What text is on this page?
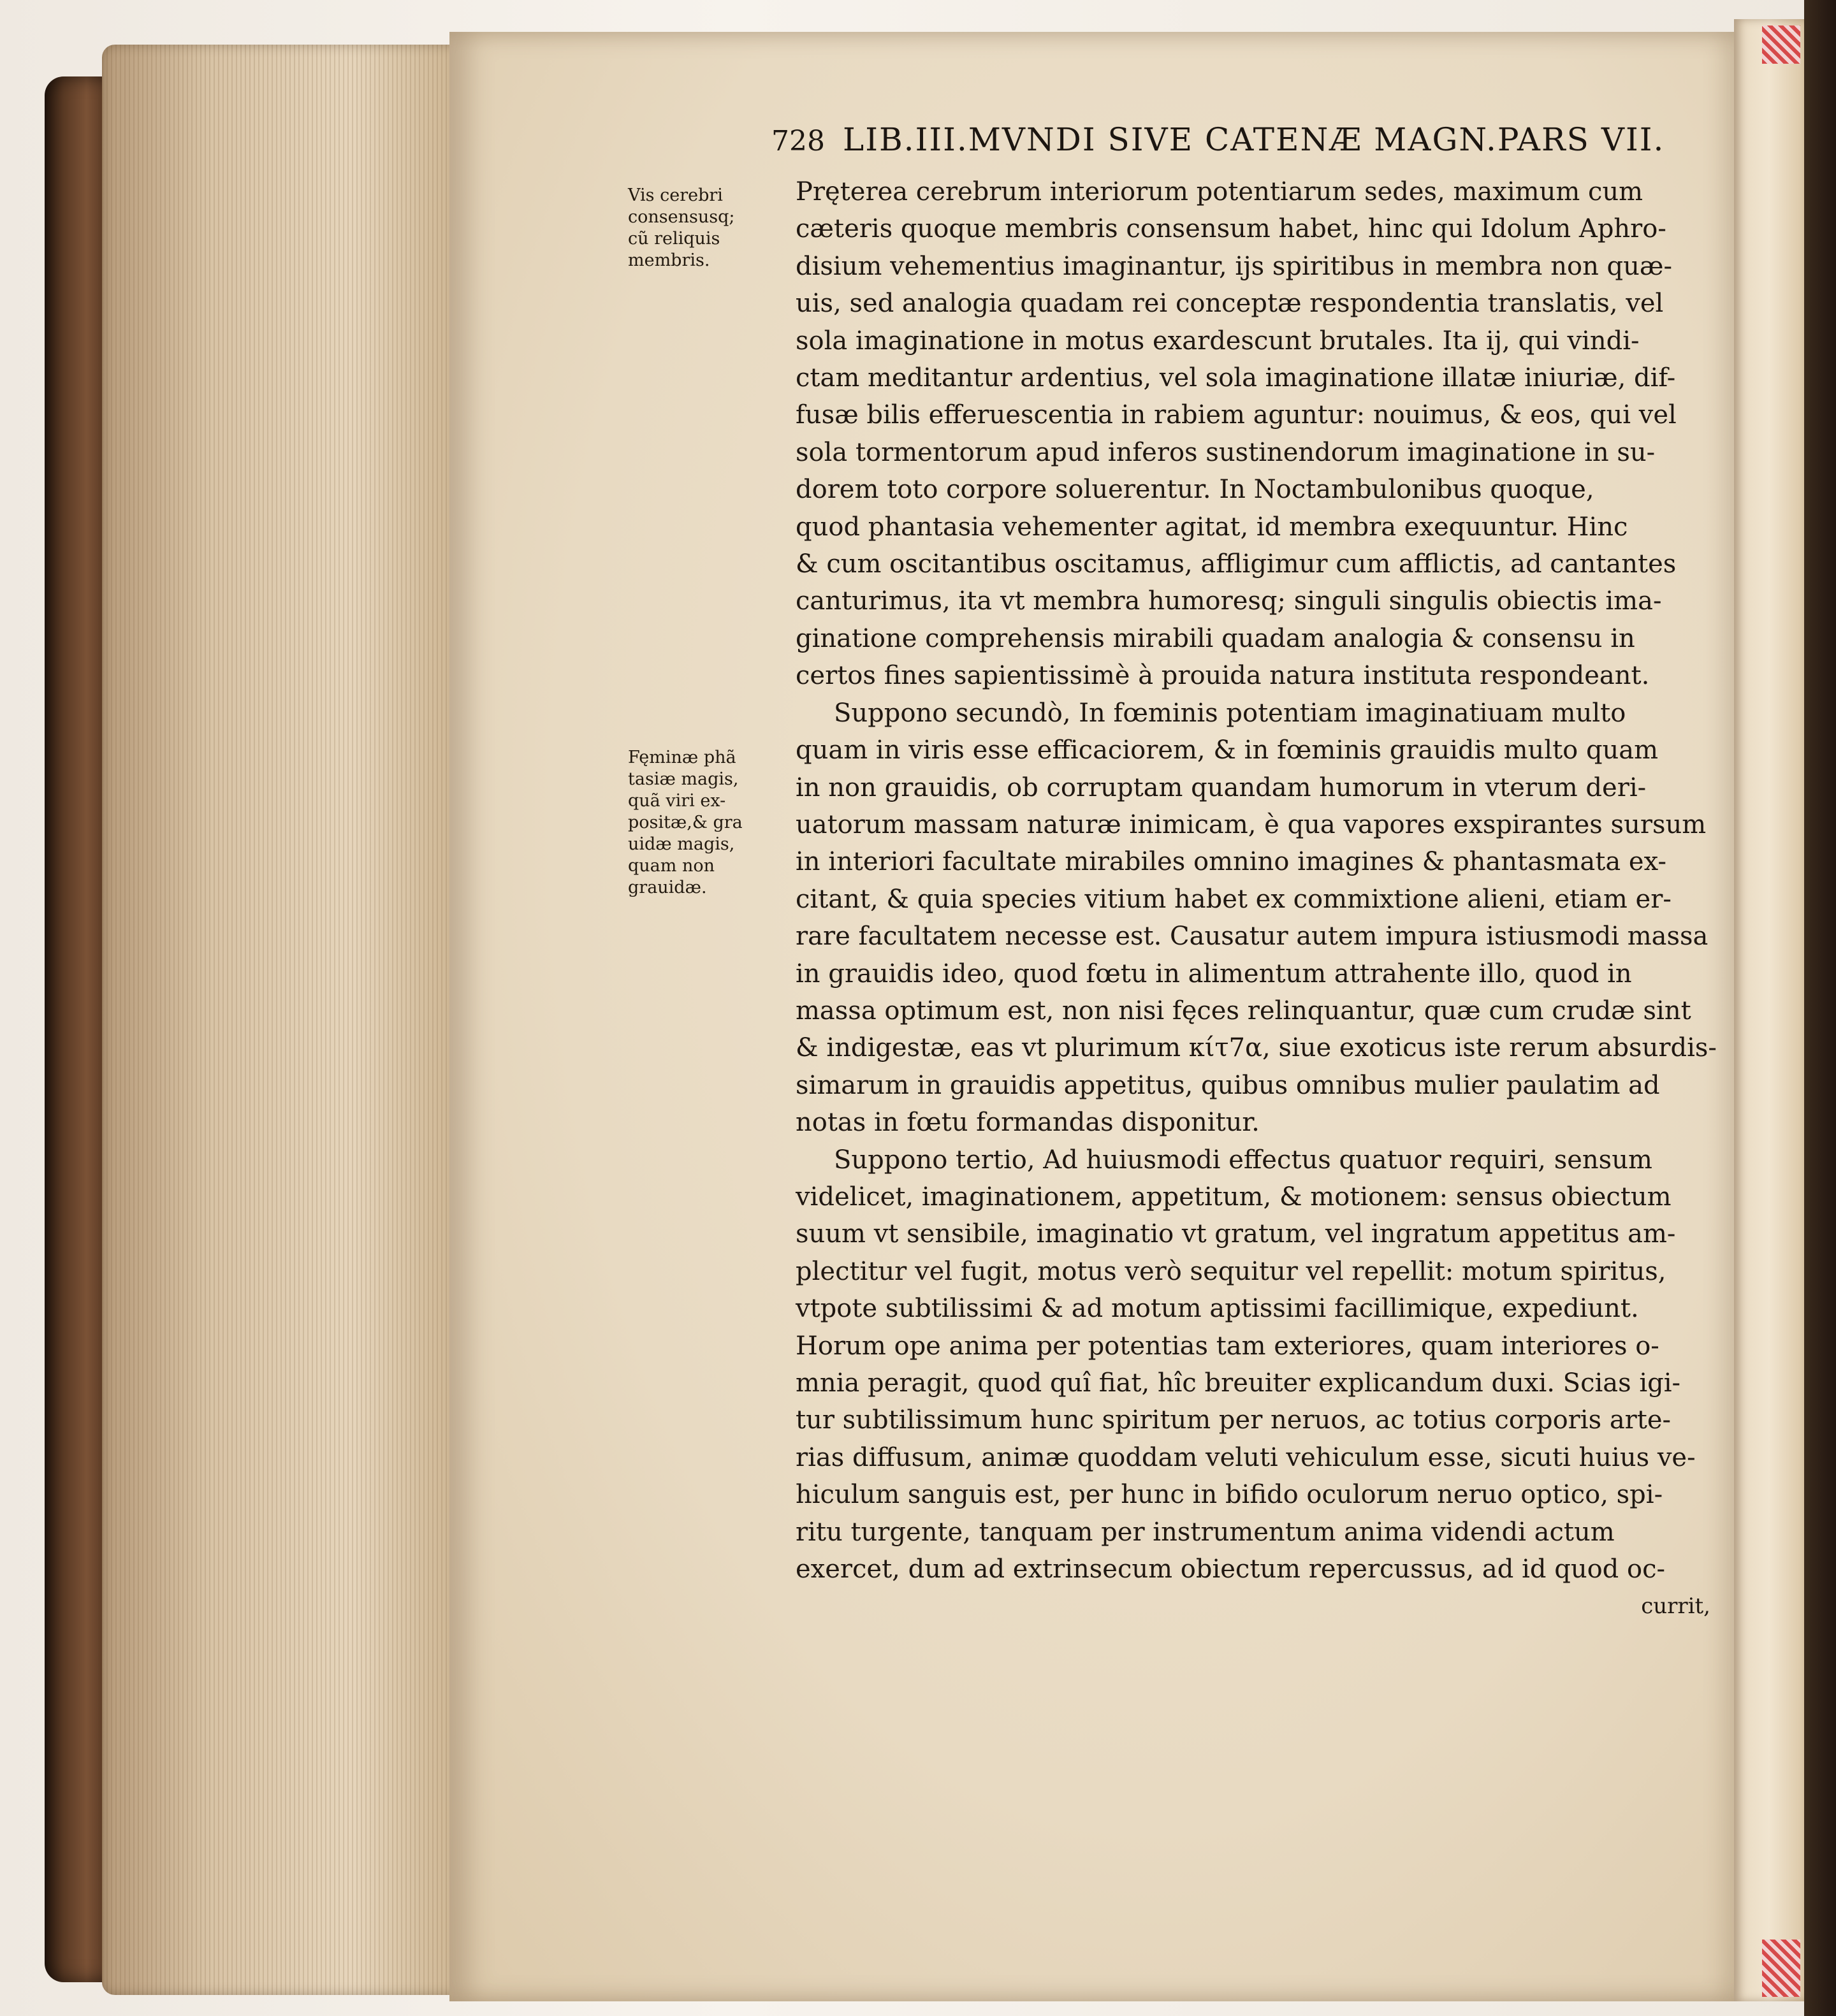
728 LIB.III.MVNDI SIVE CATENÆ MAGN.PARS VII.
Vis cerebri
consensusq;
cũ reliquis
membris.
Fęminæ phã
tasiæ magis,
quã viri ex-
positæ,& gra
uidæ magis,
quam non
grauidæ.
Pręterea cerebrum interiorum potentiarum sedes, maximum cum
cæteris quoque membris consensum habet, hinc qui Idolum Aphro-
disium vehementius imaginantur, ijs spiritibus in membra non quæ-
uis, sed analogia quadam rei conceptæ respondentia translatis, vel
sola imaginatione in motus exardescunt brutales. Ita ij, qui vindi-
ctam meditantur ardentius, vel sola imaginatione illatæ iniuriæ, dif-
fusæ bilis efferuescentia in rabiem aguntur: nouimus, & eos, qui vel
sola tormentorum apud inferos sustinendorum imaginatione in su-
dorem toto corpore soluerentur. In Noctambulonibus quoque,
quod phantasia vehementer agitat, id membra exequuntur. Hinc
& cum oscitantibus oscitamus, affligimur cum afflictis, ad cantantes
canturimus, ita vt membra humoresq; singuli singulis obiectis ima-
ginatione comprehensis mirabili quadam analogia & consensu in
certos fines sapientissimè à prouida natura instituta respondeant.
Suppono secundò, In fœminis potentiam imaginatiuam multo
quam in viris esse efficaciorem, & in fœminis grauidis multo quam
in non grauidis, ob corruptam quandam humorum in vterum deri-
uatorum massam naturæ inimicam, è qua vapores exspirantes sursum
in interiori facultate mirabiles omnino imagines & phantasmata ex-
citant, & quia species vitium habet ex commixtione alieni, etiam er-
rare facultatem necesse est. Causatur autem impura istiusmodi massa
in grauidis ideo, quod fœtu in alimentum attrahente illo, quod in
massa optimum est, non nisi fęces relinquantur, quæ cum crudæ sint
& indigestæ, eas vt plurimum κίτ7α, siue exoticus iste rerum absurdis-
simarum in grauidis appetitus, quibus omnibus mulier paulatim ad
notas in fœtu formandas disponitur.
Suppono tertio, Ad huiusmodi effectus quatuor requiri, sensum
videlicet, imaginationem, appetitum, & motionem: sensus obiectum
suum vt sensibile, imaginatio vt gratum, vel ingratum appetitus am-
plectitur vel fugit, motus verò sequitur vel repellit: motum spiritus,
vtpote subtilissimi & ad motum aptissimi facillimique, expediunt.
Horum ope anima per potentias tam exteriores, quam interiores o-
mnia peragit, quod quî fiat, hîc breuiter explicandum duxi. Scias igi-
tur subtilissimum hunc spiritum per neruos, ac totius corporis arte-
rias diffusum, animæ quoddam veluti vehiculum esse, sicuti huius ve-
hiculum sanguis est, per hunc in bifido oculorum neruo optico, spi-
ritu turgente, tanquam per instrumentum anima videndi actum
exercet, dum ad extrinsecum obiectum repercussus, ad id quod oc-
currit,
